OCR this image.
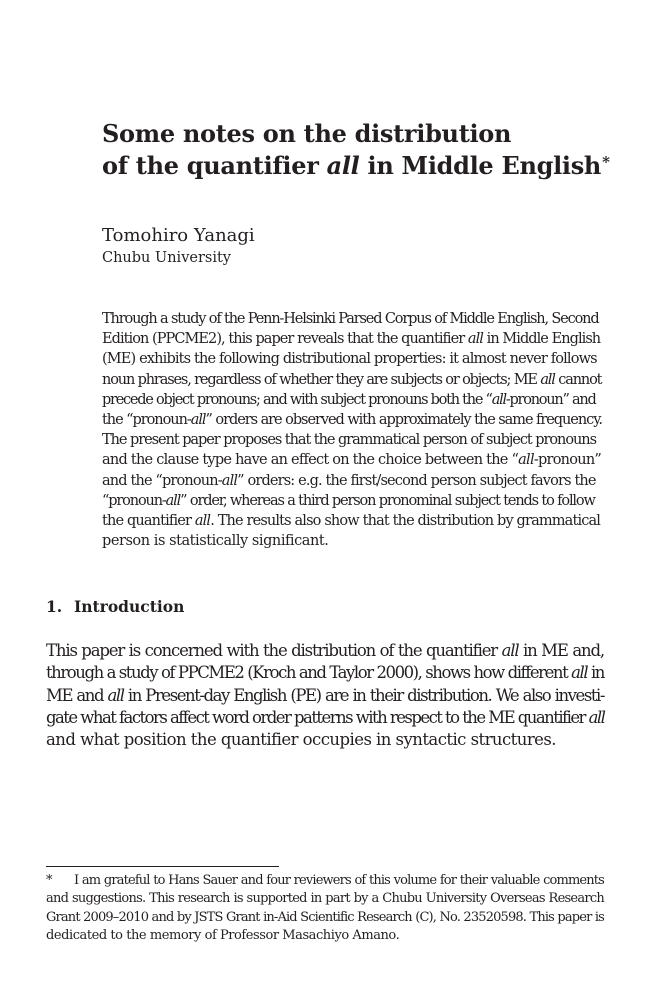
Some notes on the distribution
of the quantifier all in Middle English*
Tomohiro Yanagi
Chubu University
Through a study of the Penn-Helsinki Parsed Corpus of Middle English, Second
Edition (PPCME2), this paper reveals that the quantifier all in Middle English
(ME) exhibits the following distributional properties: it almost never follows
noun phrases, regardless of whether they are subjects or objects; ME all cannot
precede object pronouns; and with subject pronouns both the “all-pronoun” and
the “pronoun-all” orders are observed with approximately the same frequency.
The present paper proposes that the grammatical person of subject pronouns
and the clause type have an effect on the choice between the “all-pronoun”
and the “pronoun-all” orders: e.g. the first/second person subject favors the
“pronoun-all” order, whereas a third person pronominal subject tends to follow
the quantifier all. The results also show that the distribution by grammatical
person is statistically significant.
1. Introduction
This paper is concerned with the distribution of the quantifier all in ME and,
through a study of PPCME2 (Kroch and Taylor 2000), shows how different all in
ME and all in Present-day English (PE) are in their distribution. We also investi-
gate what factors affect word order patterns with respect to the ME quantifier all
and what position the quantifier occupies in syntactic structures.
* I am grateful to Hans Sauer and four reviewers of this volume for their valuable comments
and suggestions. This research is supported in part by a Chubu University Overseas Research
Grant 2009–2010 and by JSTS Grant in-Aid Scientific Research (C), No. 23520598. This paper is
dedicated to the memory of Professor Masachiyo Amano.
